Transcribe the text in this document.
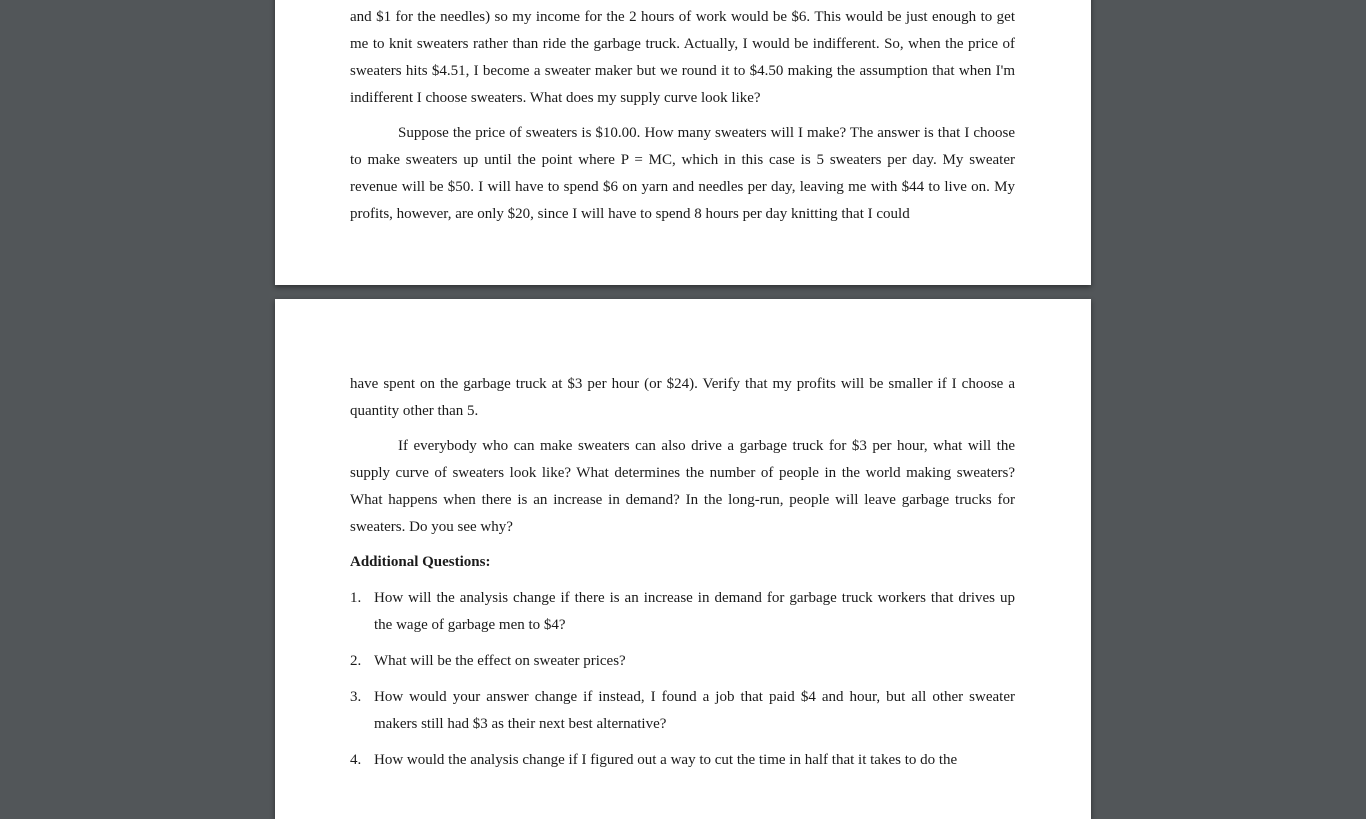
and $1 for the needles) so my income for the 2 hours of work would be $6. This would be just enough to get me to knit sweaters rather than ride the garbage truck. Actually, I would be indifferent. So, when the price of sweaters hits $4.51, I become a sweater maker but we round it to $4.50 making the assumption that when I'm indifferent I choose sweaters. What does my supply curve look like?

Suppose the price of sweaters is $10.00. How many sweaters will I make? The answer is that I choose to make sweaters up until the point where P = MC, which in this case is 5 sweaters per day. My sweater revenue will be $50. I will have to spend $6 on yarn and needles per day, leaving me with $44 to live on. My profits, however, are only $20, since I will have to spend 8 hours per day knitting that I could

have spent on the garbage truck at $3 per hour (or $24). Verify that my profits will be smaller if I choose a quantity other than 5.

If everybody who can make sweaters can also drive a garbage truck for $3 per hour, what will the supply curve of sweaters look like? What determines the number of people in the world making sweaters? What happens when there is an increase in demand? In the long-run, people will leave garbage trucks for sweaters. Do you see why?

Additional Questions:

1. How will the analysis change if there is an increase in demand for garbage truck workers that drives up the wage of garbage men to $4?
2. What will be the effect on sweater prices?
3. How would your answer change if instead, I found a job that paid $4 and hour, but all other sweater makers still had $3 as their next best alternative?
4. How would the analysis change if I figured out a way to cut the time in half that it takes to do the
